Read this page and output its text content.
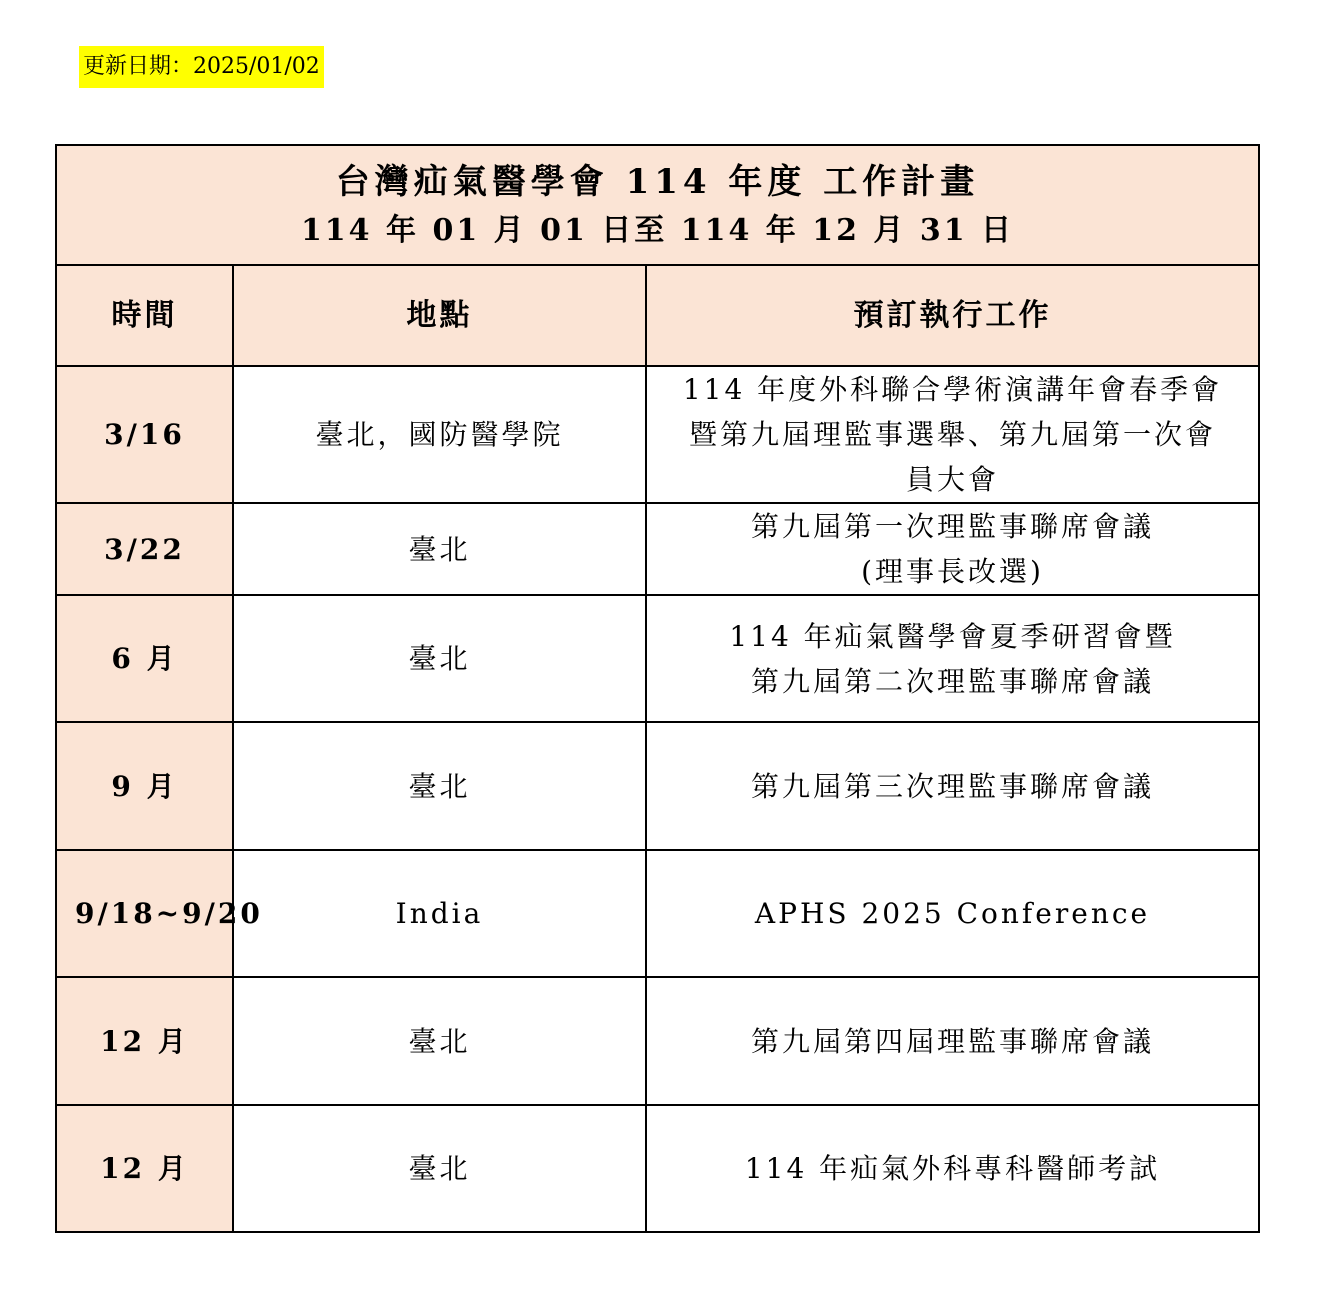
更新日期：2025/01/02
台灣疝氣醫學會 114 年度 工作計畫
114 年 01 月 01 日至 114 年 12 月 31 日		

時間	地點	預訂執行工作
3/16	臺北，國防醫學院	114 年度外科聯合學術演講年會春季會
暨第九屆理監事選舉、第九屆第一次會
員大會

3/22	臺北	第九屆第一次理監事聯席會議
(理事長改選)

6 月	臺北	114 年疝氣醫學會夏季研習會暨
第九屆第二次理監事聯席會議

9 月	臺北	第九屆第三次理監事聯席會議

9/18~9/20	India	APHS 2025 Conference

12 月	臺北	第九屆第四屆理監事聯席會議

12 月	臺北	114 年疝氣外科專科醫師考試
